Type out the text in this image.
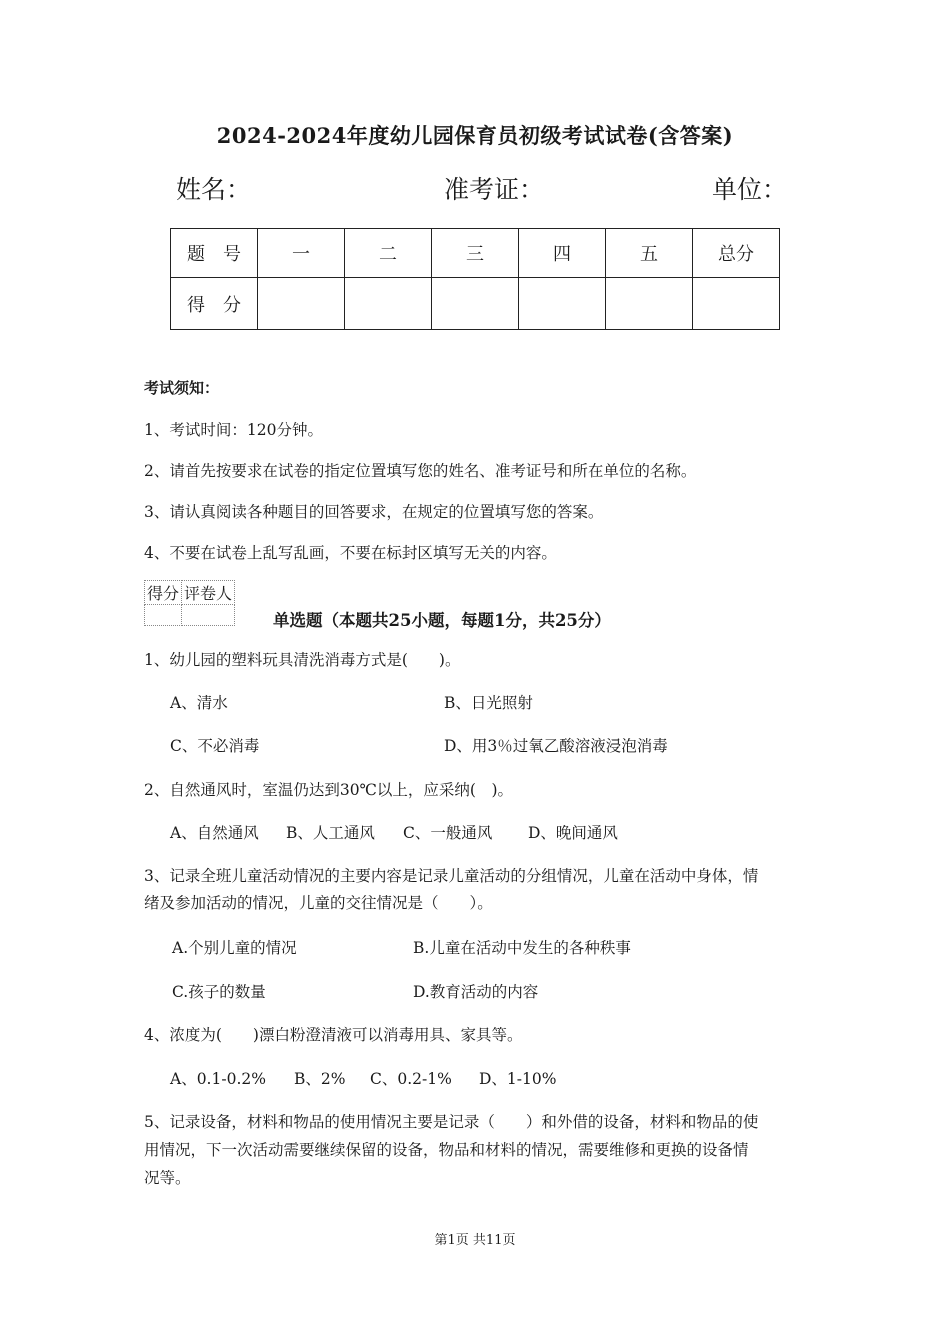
2024-2024年度幼儿园保育员初级考试试卷(含答案)
姓名：	准考证：	单位：
题　号	一	二	三	四	五	总分
得　分						
考试须知：
1、考试时间：120分钟。
2、请首先按要求在试卷的指定位置填写您的姓名、准考证号和所在单位的名称。
3、请认真阅读各种题目的回答要求，在规定的位置填写您的答案。
4、不要在试卷上乱写乱画，不要在标封区填写无关的内容。
得分	评卷人

单选题（本题共25小题，每题1分，共25分）
1、幼儿园的塑料玩具清洗消毒方式是(　　)。
A、清水	B、日光照射
C、不必消毒	D、用3％过氧乙酸溶液浸泡消毒
2、自然通风时，室温仍达到30℃以上，应采纳(　)。
A、自然通风 B、人工通风 C、一般通风 D、晚间通风
3、记录全班儿童活动情况的主要内容是记录儿童活动的分组情况，儿童在活动中身体，情
绪及参加活动的情况，儿童的交往情况是（　　）。
A.个别儿童的情况	B.儿童在活动中发生的各种秩事
C.孩子的数量	D.教育活动的内容
4、浓度为(　　)漂白粉澄清液可以消毒用具、家具等。
A、0.1-0.2% B、2% C、0.2-1% D、1-10%
5、记录设备，材料和物品的使用情况主要是记录（　　）和外借的设备，材料和物品的使
用情况，下一次活动需要继续保留的设备，物品和材料的情况，需要维修和更换的设备情
况等。
第1页 共11页
